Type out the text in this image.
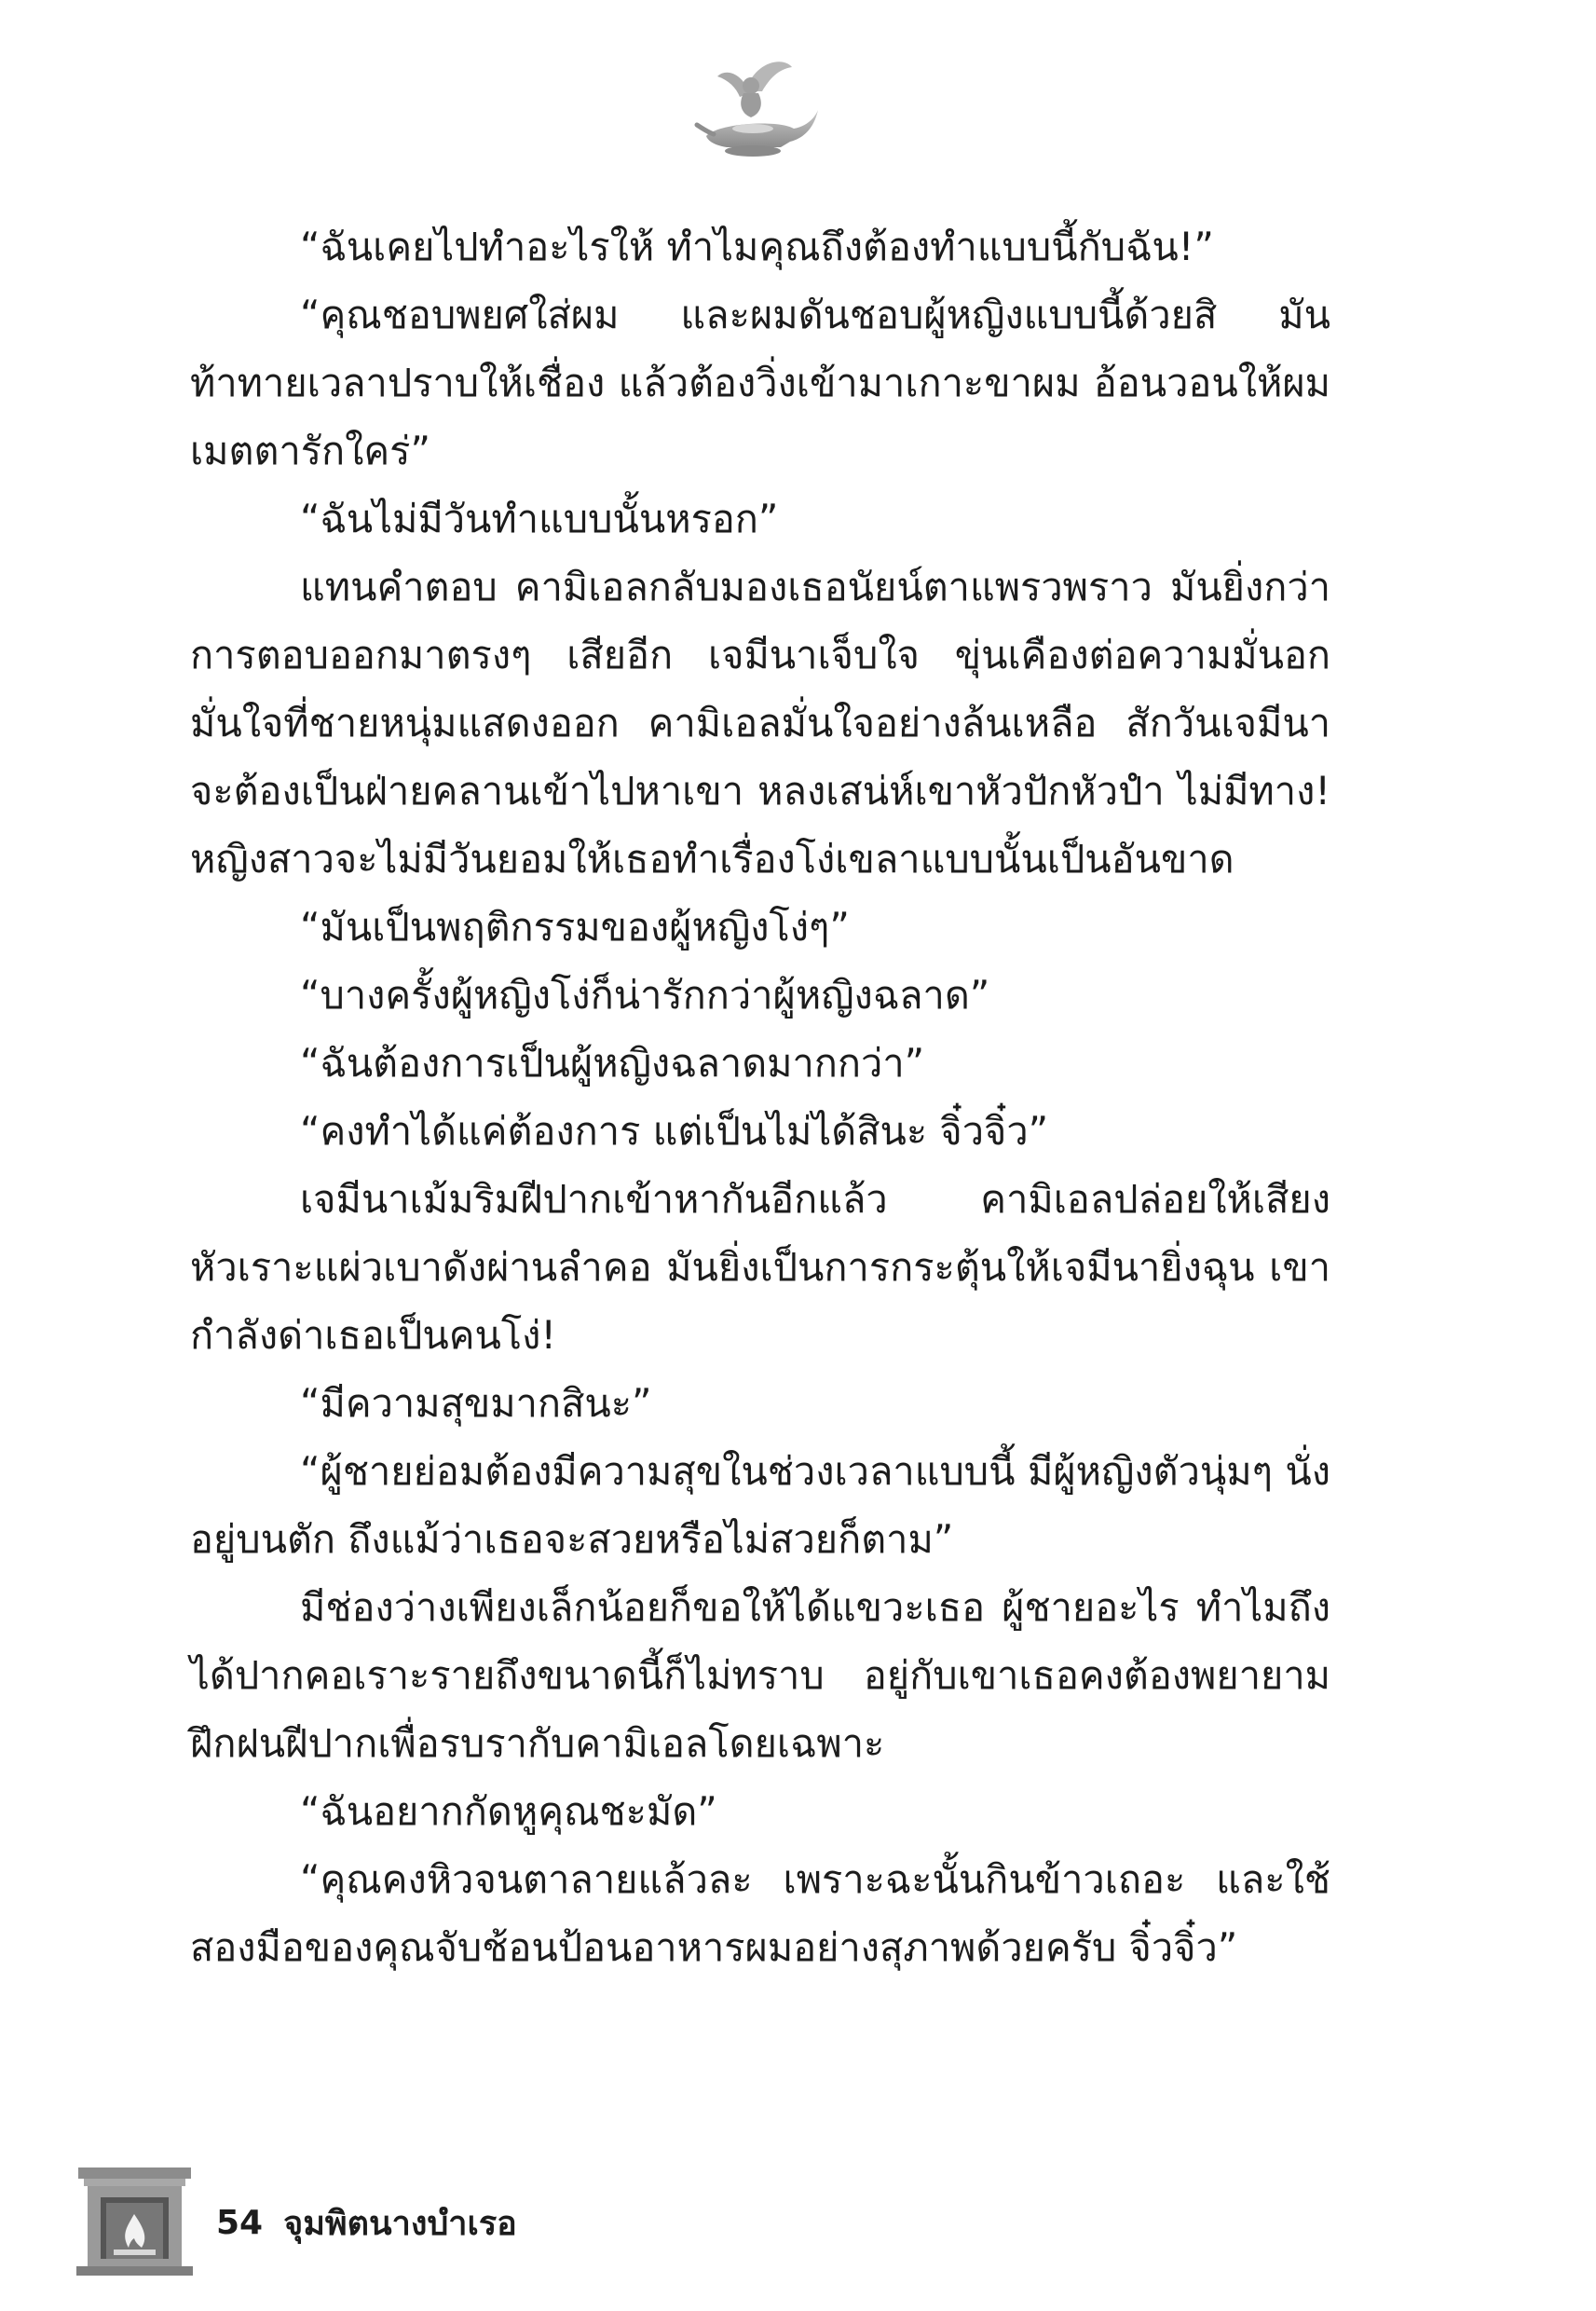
“ฉันเคยไปทำอะไรให้ ทำไมคุณถึงต้องทำแบบนี้กับฉัน!”

“คุณชอบพยศใส่ผม และผมดันชอบผู้หญิงแบบนี้ด้วยสิ มันท้าทายเวลาปราบให้เชื่อง แล้วต้องวิ่งเข้ามาเกาะขาผม อ้อนวอนให้ผมเมตตารักใคร่”

“ฉันไม่มีวันทำแบบนั้นหรอก”

แทนคำตอบ คามิเอลกลับมองเธอนัยน์ตาแพรวพราว มันยิ่งกว่าการตอบออกมาตรงๆ เสียอีก เจมีนาเจ็บใจ ขุ่นเคืองต่อความมั่นอกมั่นใจที่ชายหนุ่มแสดงออก คามิเอลมั่นใจอย่างล้นเหลือ สักวันเจมีนาจะต้องเป็นฝ่ายคลานเข้าไปหาเขา หลงเสน่ห์เขาหัวปักหัวปำ ไม่มีทาง! หญิงสาวจะไม่มีวันยอมให้เธอทำเรื่องโง่เขลาแบบนั้นเป็นอันขาด

“มันเป็นพฤติกรรมของผู้หญิงโง่ๆ”

“บางครั้งผู้หญิงโง่ก็น่ารักกว่าผู้หญิงฉลาด”

“ฉันต้องการเป็นผู้หญิงฉลาดมากกว่า”

“คงทำได้แค่ต้องการ แต่เป็นไม่ได้สินะ จิ๋วจิ๋ว”

เจมีนาเม้มริมฝีปากเข้าหากันอีกแล้ว คามิเอลปล่อยให้เสียงหัวเราะแผ่วเบาดังผ่านลำคอ มันยิ่งเป็นการกระตุ้นให้เจมีนายิ่งฉุน เขากำลังด่าเธอเป็นคนโง่!

“มีความสุขมากสินะ”

“ผู้ชายย่อมต้องมีความสุขในช่วงเวลาแบบนี้ มีผู้หญิงตัวนุ่มๆ นั่งอยู่บนตัก ถึงแม้ว่าเธอจะสวยหรือไม่สวยก็ตาม”

มีช่องว่างเพียงเล็กน้อยก็ขอให้ได้แขวะเธอ ผู้ชายอะไร ทำไมถึงได้ปากคอเราะรายถึงขนาดนี้ก็ไม่ทราบ อยู่กับเขาเธอคงต้องพยายามฝึกฝนฝีปากเพื่อรบรากับคามิเอลโดยเฉพาะ

“ฉันอยากกัดหูคุณชะมัด”

“คุณคงหิวจนตาลายแล้วละ เพราะฉะนั้นกินข้าวเถอะ และใช้สองมือของคุณจับช้อนป้อนอาหารผมอย่างสุภาพด้วยครับ จิ๋วจิ๋ว”

54 จุมพิตนางบำเรอ
